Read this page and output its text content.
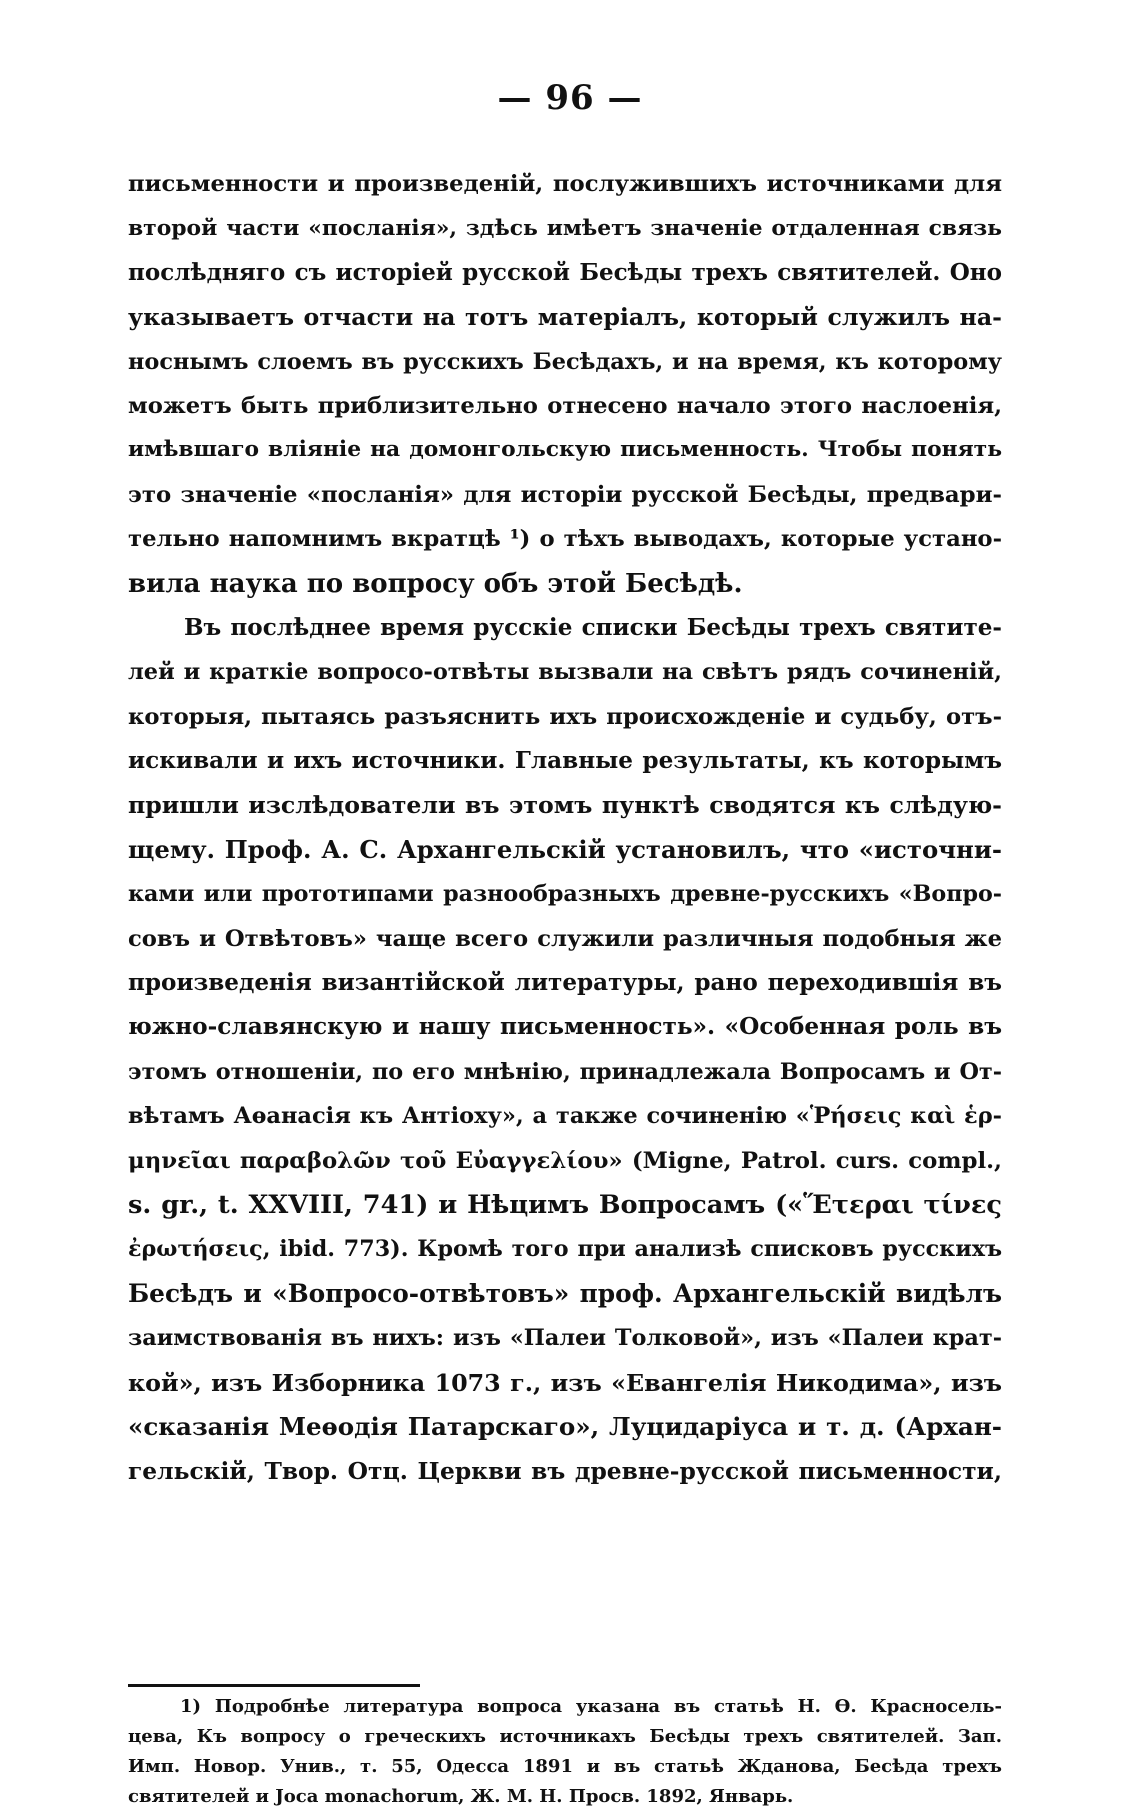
— 96 —
письменности и произведеній, послужившихъ источниками для
второй части «посланія», здѣсь имѣетъ значеніе отдаленная связь
послѣдняго съ исторіей русской Бесѣды трехъ святителей. Оно
указываетъ отчасти на тотъ матеріалъ, который служилъ на-
носнымъ слоемъ въ русскихъ Бесѣдахъ, и на время, къ которому
можетъ быть приблизительно отнесено начало этого наслоенія,
имѣвшаго вліяніе на домонгольскую письменность. Чтобы понять
это значеніе «посланія» для исторіи русской Бесѣды, предвари-
тельно напомнимъ вкратцѣ ¹) о тѣхъ выводахъ, которые устано-
вила наука по вопросу объ этой Бесѣдѣ.
Въ послѣднее время русскіе списки Бесѣды трехъ святите-
лей и краткіе вопросо-отвѣты вызвали на свѣтъ рядъ сочиненій,
которыя, пытаясь разъяснить ихъ происхожденіе и судьбу, отъ-
искивали и ихъ источники. Главные результаты, къ которымъ
пришли изслѣдователи въ этомъ пунктѣ сводятся къ слѣдую-
щему. Проф. А. С. Архангельскій установилъ, что «источни-
ками или прототипами разнообразныхъ древне-русскихъ «Вопро-
совъ и Отвѣтовъ» чаще всего служили различныя подобныя же
произведенія византійской литературы, рано переходившія въ
южно-славянскую и нашу письменность». «Особенная роль въ
этомъ отношеніи, по его мнѣнію, принадлежала Вопросамъ и От-
вѣтамъ Аѳанасія къ Антіоху», а также сочиненію «Ῥήσεις καὶ ἑρ-
μηνεῖαι παραβολῶν τοῦ Εὐαγγελίου» (Migne, Patrol. curs. compl.,
s. gr., t. XXVIII, 741) и Нѣцимъ Вопросамъ («Ἕτεραι τίνες
ἐρωτήσεις, ibid. 773). Кромѣ того при анализѣ списковъ русскихъ
Бесѣдъ и «Вопросо-отвѣтовъ» проф. Архангельскій видѣлъ
заимствованія въ нихъ: изъ «Палеи Толковой», изъ «Палеи крат-
кой», изъ Изборника 1073 г., изъ «Евангелія Никодима», изъ
«сказанія Меѳодія Патарскаго», Луцидаріуса и т. д. (Архан-
гельскій, Твор. Отц. Церкви въ древне-русской письменности,
1) Подробнѣе литература вопроса указана въ статьѣ Н. Ѳ. Красносель-
цева, Къ вопросу о греческихъ источникахъ Бесѣды трехъ святителей. Зап.
Имп. Новор. Унив., т. 55, Одесса 1891 и въ статьѣ Жданова, Бесѣда трехъ
святителей и Joca monachorum, Ж. М. Н. Просв. 1892, Январь.
